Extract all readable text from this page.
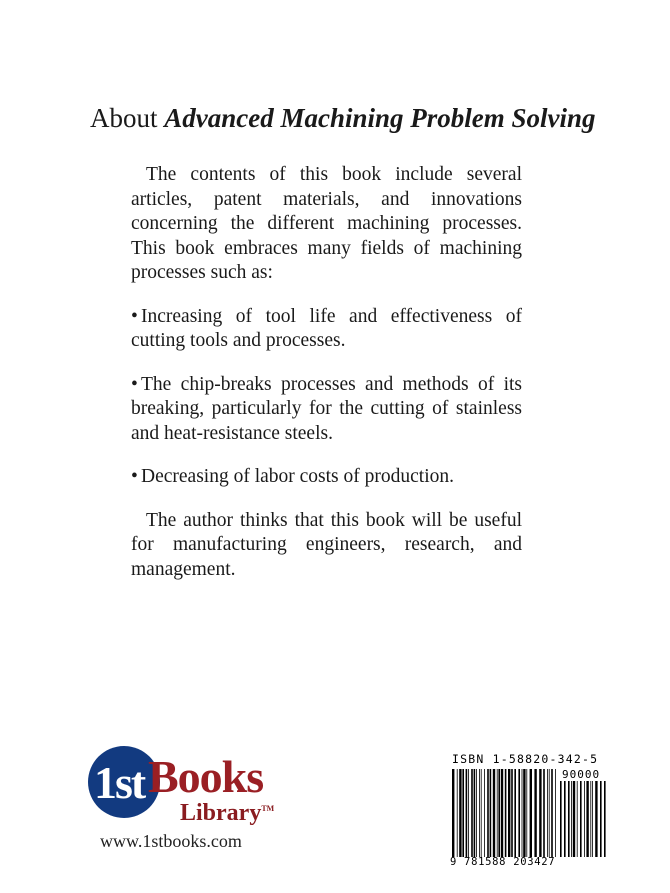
About Advanced Machining Problem Solving

The contents of this book include several articles, patent materials, and innovations concerning the different machining processes. This book embraces many fields of machining processes such as:

• Increasing of tool life and effectiveness of cutting tools and processes.

• The chip-breaks processes and methods of its breaking, particularly for the cutting of stainless and heat-resistance steels.

• Decreasing of labor costs of production.

The author thinks that this book will be useful for manufacturing engineers, research, and management.

1st Books
Library™
www.1stbooks.com
ISBN 1-58820-342-5
90000
9 781588 203427
